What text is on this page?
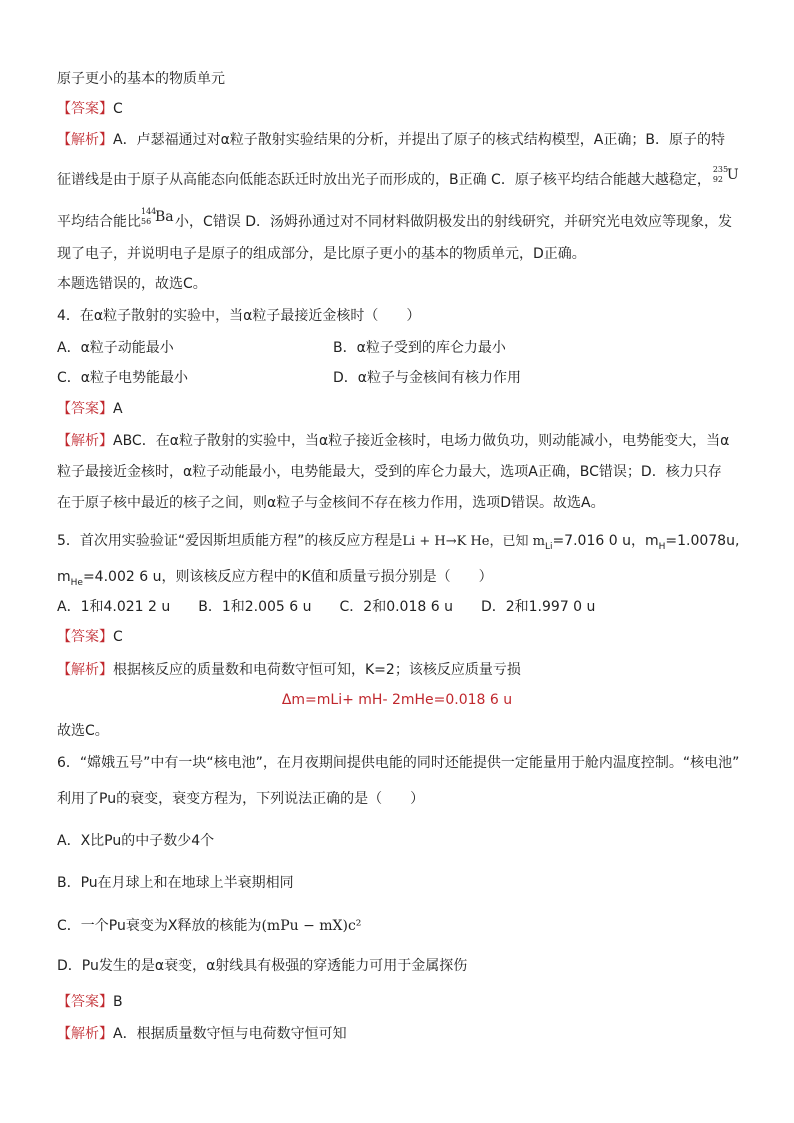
原子更小的基本的物质单元
【答案】C
【解析】A．卢瑟福通过对α粒子散射实验结果的分析，并提出了原子的核式结构模型，A正确；B．原子的特
征谱线是由于原子从高能态向低能态跃迁时放出光子而形成的，B正确 C．原子核平均结合能越大越稳定，
235
92 U
平均结合能比
144
56 Ba 小，C错误 D．汤姆孙通过对不同材料做阴极发出的射线研究，并研究光电效应等现象，发
现了电子，并说明电子是原子的组成部分，是比原子更小的基本的物质单元，D正确。
本题选错误的，故选C。
4．在α粒子散射的实验中，当α粒子最接近金核时（　　）
A．α粒子动能最小	B．α粒子受到的库仑力最小
C．α粒子电势能最小	D．α粒子与金核间有核力作用
【答案】A
【解析】ABC．在α粒子散射的实验中，当α粒子接近金核时，电场力做负功，则动能减小，电势能变大，当α
粒子最接近金核时，α粒子动能最小，电势能最大，受到的库仑力最大，选项A正确，BC错误；D．核力只存
在于原子核中最近的核子之间，则α粒子与金核间不存在核力作用，选项D错误。故选A。
5．首次用实验验证“爱因斯坦质能方程”的核反应方程是Li + H→K He，已知 $m_{Li}=7.016$ 0 u，$m_H=1.0078u$,
$m_{He}=4.002$ 6 u，则该核反应方程中的K值和质量亏损分别是（　　）
A．1和4.021 2 u　　B．1和2.005 6 u　　C．2和0.018 6 u　　D．2和1.997 0 u
【答案】C
【解析】根据核反应的质量数和电荷数守恒可知，K=2；该核反应质量亏损
Δm=mLi+ mH- 2mHe=0.018 6 u
故选C。
6．“嫦娥五号”中有一块“核电池”，在月夜期间提供电能的同时还能提供一定能量用于舱内温度控制。“核电池”
利用了Pu的衰变，衰变方程为，下列说法正确的是（　　）
A．X比Pu的中子数少4个
B．Pu在月球上和在地球上半衰期相同
C．一个Pu衰变为X释放的核能为(mPu − mX)c²
D．Pu发生的是α衰变，α射线具有极强的穿透能力可用于金属探伤
【答案】B
【解析】A．根据质量数守恒与电荷数守恒可知
